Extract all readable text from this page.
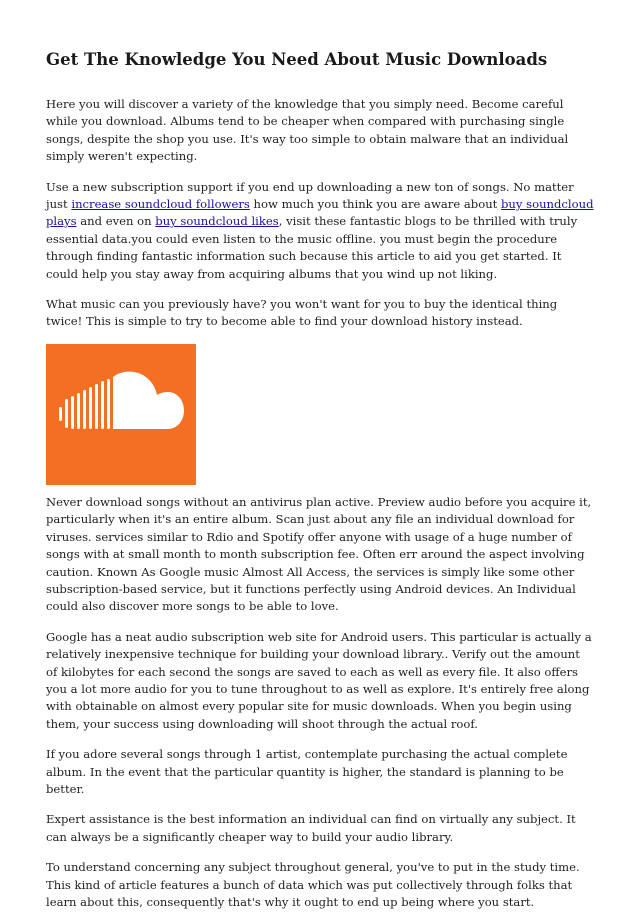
Get The Knowledge You Need About Music Downloads

Here you will discover a variety of the knowledge that you simply need. Become careful while you download. Albums tend to be cheaper when compared with purchasing single songs, despite the shop you use. It's way too simple to obtain malware that an individual simply weren't expecting.

Use a new subscription support if you end up downloading a new ton of songs. No matter just increase soundcloud followers how much you think you are aware about buy soundcloud plays and even on buy soundcloud likes, visit these fantastic blogs to be thrilled with truly essential data.you could even listen to the music offline. you must begin the procedure through finding fantastic information such because this article to aid you get started. It could help you stay away from acquiring albums that you wind up not liking.

What music can you previously have? you won't want for you to buy the identical thing twice! This is simple to try to become able to find your download history instead.

Never download songs without an antivirus plan active. Preview audio before you acquire it, particularly when it's an entire album. Scan just about any file an individual download for viruses. services similar to Rdio and Spotify offer anyone with usage of a huge number of songs with at small month to month subscription fee. Often err around the aspect involving caution. Known As Google music Almost All Access, the services is simply like some other subscription-based service, but it functions perfectly using Android devices. An Individual could also discover more songs to be able to love.

Google has a neat audio subscription web site for Android users. This particular is actually a relatively inexpensive technique for building your download library.. Verify out the amount of kilobytes for each second the songs are saved to each as well as every file. It also offers you a lot more audio for you to tune throughout to as well as explore. It's entirely free along with obtainable on almost every popular site for music downloads. When you begin using them, your success using downloading will shoot through the actual roof.

If you adore several songs through 1 artist, contemplate purchasing the actual complete album. In the event that the particular quantity is higher, the standard is planning to be better.

Expert assistance is the best information an individual can find on virtually any subject. It can always be a significantly cheaper way to build your audio library.

To understand concerning any subject throughout general, you've to put in the study time. This kind of article features a bunch of data which was put collectively through folks that learn about this, consequently that's why it ought to end up being where you start.
